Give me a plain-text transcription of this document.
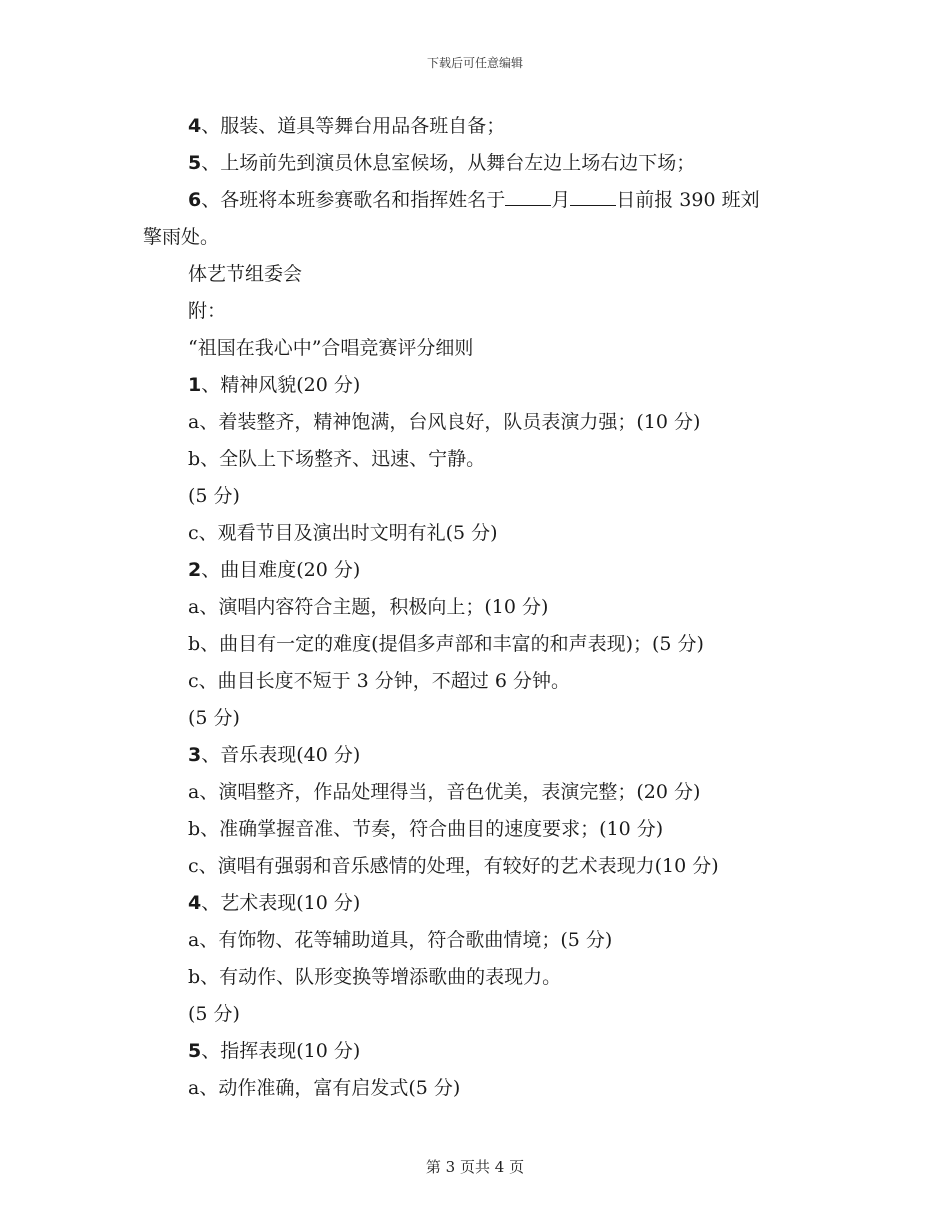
下载后可任意编辑
4、服装、道具等舞台用品各班自备；
5、上场前先到演员休息室候场，从舞台左边上场右边下场；
6、各班将本班参赛歌名和指挥姓名于 月 日前报 390 班刘
擎雨处。
体艺节组委会
附：
“祖国在我心中”合唱竞赛评分细则
1、精神风貌(20 分)
a、着装整齐，精神饱满，台风良好，队员表演力强；(10 分)
b、全队上下场整齐、迅速、宁静。
(5 分)
c、观看节目及演出时文明有礼(5 分)
2、曲目难度(20 分)
a、演唱内容符合主题，积极向上；(10 分)
b、曲目有一定的难度(提倡多声部和丰富的和声表现)；(5 分)
c、曲目长度不短于 3 分钟，不超过 6 分钟。
(5 分)
3、音乐表现(40 分)
a、演唱整齐，作品处理得当，音色优美，表演完整；(20 分)
b、准确掌握音准、节奏，符合曲目的速度要求；(10 分)
c、演唱有强弱和音乐感情的处理，有较好的艺术表现力(10 分)
4、艺术表现(10 分)
a、有饰物、花等辅助道具，符合歌曲情境；(5 分)
b、有动作、队形变换等增添歌曲的表现力。
(5 分)
5、指挥表现(10 分)
a、动作准确，富有启发式(5 分)
第 3 页共 4 页
